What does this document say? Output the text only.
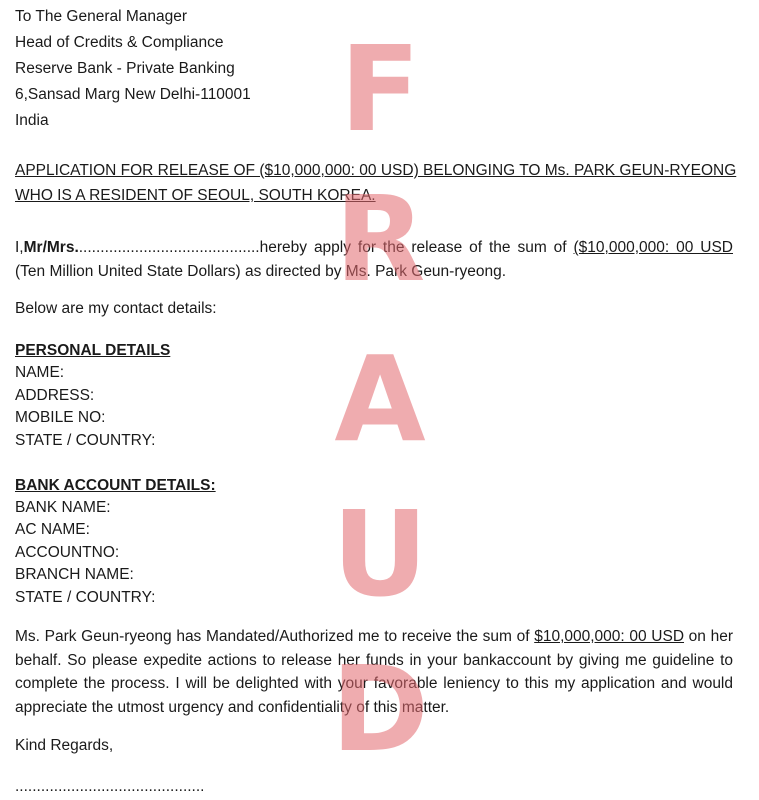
To The General Manager
Head of Credits & Compliance
Reserve Bank - Private Banking
6,Sansad Marg New Delhi-110001
India
APPLICATION FOR RELEASE OF ($10,000,000: 00 USD) BELONGING TO Ms. PARK GEUN-RYEONG
WHO IS A RESIDENT OF SEOUL, SOUTH KOREA.
I,Mr/Mrs...........................................hereby apply for the release of the sum of ($10,000,000: 00 USD (Ten Million United State Dollars) as directed by Ms. Park Geun-ryeong.
Below are my contact details:
PERSONAL DETAILS
NAME:
ADDRESS:
MOBILE NO:
STATE / COUNTRY:
BANK ACCOUNT DETAILS:
BANK NAME:
AC NAME:
ACCOUNTNO:
BRANCH NAME:
STATE / COUNTRY:
Ms. Park Geun-ryeong has Mandated/Authorized me to receive the sum of $10,000,000: 00 USD on her behalf. So please expedite actions to release her funds in your bankaccount by giving me guideline to complete the process. I will be delighted with your favorable leniency to this my application and would appreciate the utmost urgency and confidentiality of this matter.
Kind Regards,
............................................
F
R
A
U
D
